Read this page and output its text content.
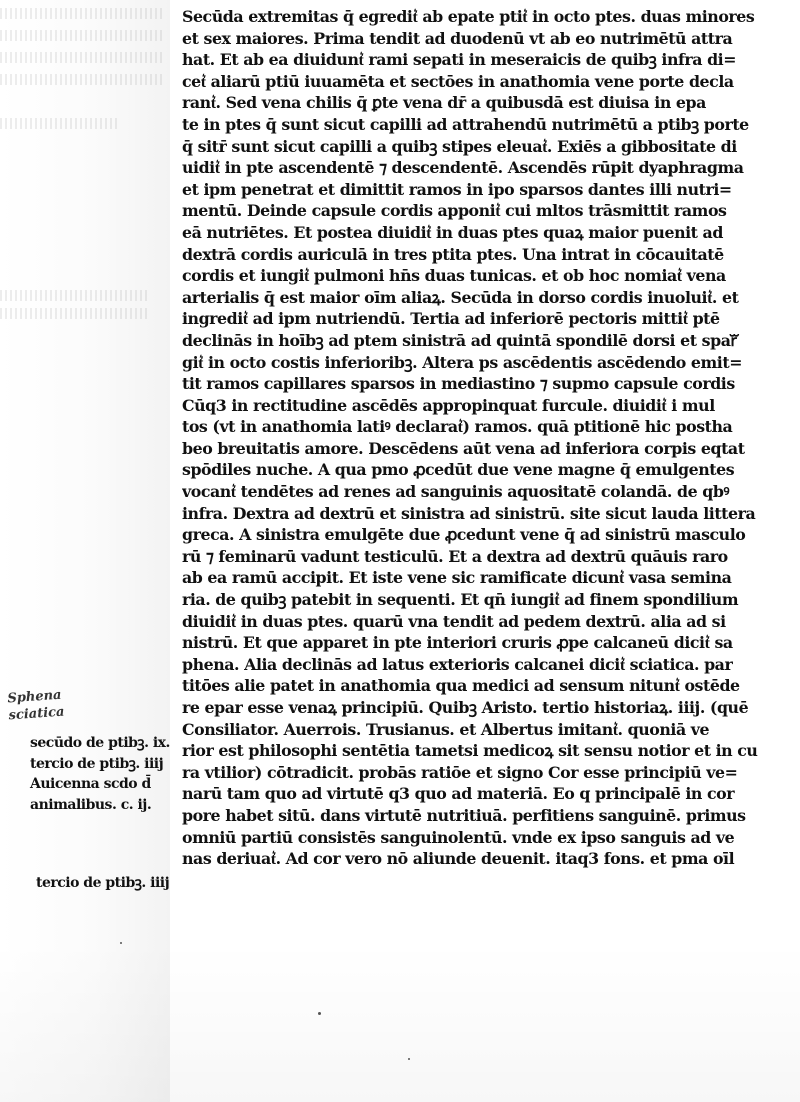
Secūda extremitas q̄ egredit͛ ab epate ptit͛ in octo ptes. duas minores
et sex maiores. Prima tendit ad duodenū vt ab eo nutrimētū attra
hat. Et ab ea diuidunt͛ rami sepati in meseraicis de quibꝫ infra di=
cet͛ aliarū ptiū iuuamēta et sectōes in anathomia vene porte decla
rant͛. Sed vena chilis q̄ ꝑte vena dr̄ a quibusdā est diuisa in epa
te in ptes q̄ sunt sicut capilli ad attrahendū nutrimētū a ptibꝫ porte
q̄ sitr̄ sunt sicut capilli a quibꝫ stipes eleuat͛. Exiēs a gibbositate di
uidit͛ in pte ascendentē ⁊ descendentē. Ascendēs rūpit dyaphragma
et ipm penetrat et dimittit ramos in ipo sparsos dantes illi nutri=
mentū. Deinde capsule cordis apponit͛ cui mltos trāsmittit ramos
eā nutriētes. Et postea diuidit͛ in duas ptes quaꝝ maior puenit ad
dextrā cordis auriculā in tres ptita ptes. Una intrat in cōcauitatē
cordis et iungit͛ pulmoni hn̄s duas tunicas. et ob hoc nomiat͛ vena
arterialis q̄ est maior oīm aliaꝝ. Secūda in dorso cordis inuoluit͛. et
ingredit͛ ad ipm nutriendū. Tertia ad inferiorē pectoris mittit͛ ptē
declinās in hoībꝫ ad ptem sinistrā ad quintā spondilē dorsi et sparᷓ
git͛ in octo costis inferioribꝫ. Altera ps ascēdentis ascēdendo emit=
tit ramos capillares sparsos in mediastino ⁊ supmo capsule cordis
Cūq3 in rectitudine ascēdēs appropinquat furcule. diuidit͛ i mul
tos (vt in anathomia latiꝰ declarat͛) ramos. quā ptitionē hic postha
beo breuitatis amore. Descēdens aūt vena ad inferiora corpis eqtat
spōdiles nuche. A qua pmo ꝓcedūt due vene magne q̄ emulgentes
vocant͛ tendētes ad renes ad sanguinis aquositatē colandā. de qbꝰ
infra. Dextra ad dextrū et sinistra ad sinistrū. site sicut lauda littera
greca. A sinistra emulgēte due ꝓcedunt vene q̄ ad sinistrū masculo
rū ⁊ feminarū vadunt testiculū. Et a dextra ad dextrū quāuis raro
ab ea ramū accipit. Et iste vene sic ramificate dicunt͛ vasa semina
ria. de quibꝫ patebit in sequenti. Et qn̄ iungit͛ ad finem spondilium
diuidit͛ in duas ptes. quarū vna tendit ad pedem dextrū. alia ad si
nistrū. Et que apparet in pte interiori cruris ꝓpe calcaneū dicit͛ sa
phena. Alia declinās ad latus exterioris calcanei dicit͛ sciatica. par
titōes alie patet in anathomia qua medici ad sensum nitunt͛ ostēde
re epar esse venaꝝ principiū. Quibꝫ Aristo. tertio historiaꝝ. iiij. (quē
Consiliator. Auerrois. Trusianus. et Albertus imitant͛. quoniā ve
rior est philosophi sentētia tametsi medicoꝝ sit sensu notior et in cu
ra vtilior) cōtradicit. probās ratiōe et signo Cor esse principiū ve=
narū tam quo ad virtutē q3 quo ad materiā. Eo q principalē in cor
pore habet sitū. dans virtutē nutritiuā. perfitiens sanguinē. primus
omniū partiū consistēs sanguinolentū. vnde ex ipso sanguis ad ve
nas deriuat͛. Ad cor vero nō aliunde deuenit. itaq3 fons. et pma oīl
Sphena
sciatica
secūdo de ptibꝫ. ix.
tercio de ptibꝫ. iiij
Auicenna scdo d̄
animalibus. c. ij.
tercio de ptibꝫ. iiij
